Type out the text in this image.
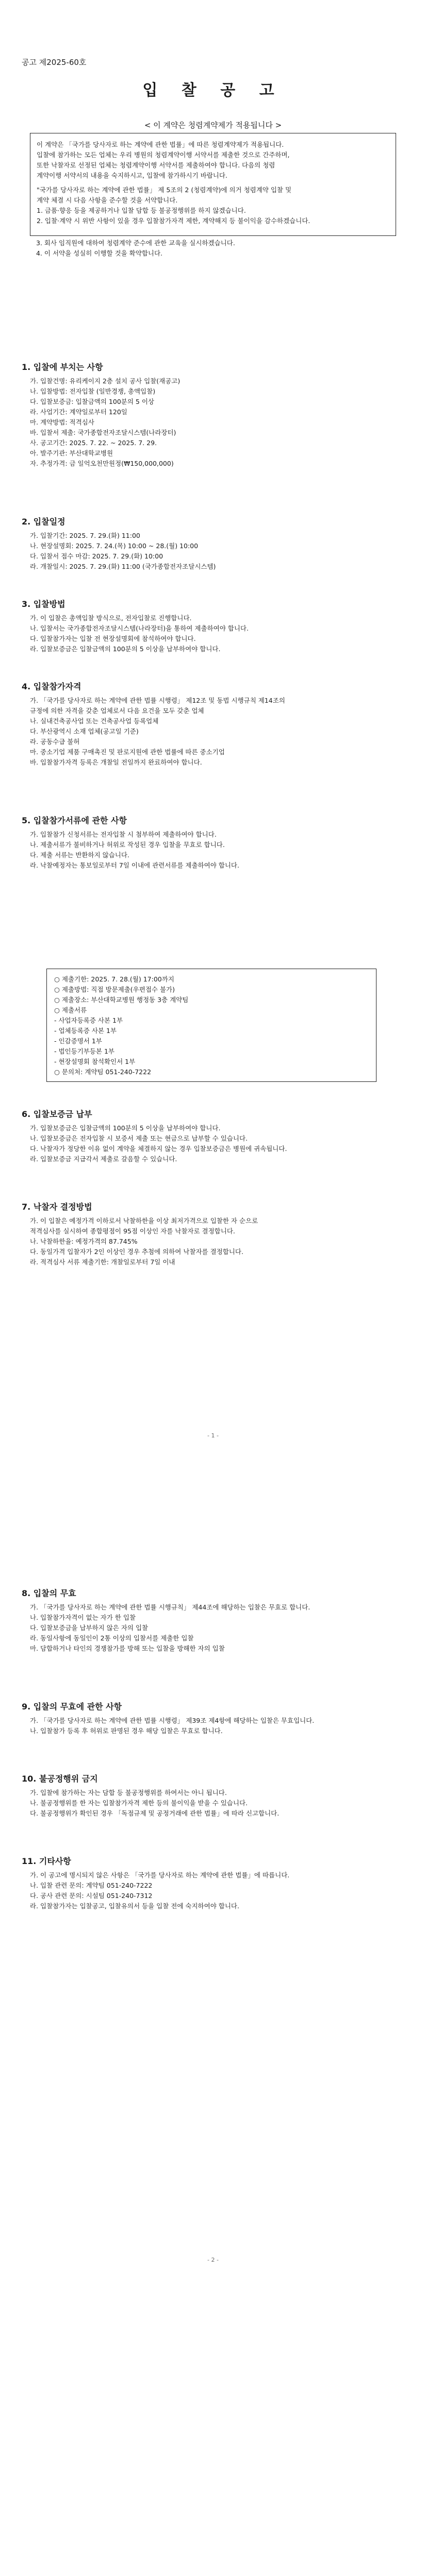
공고 제2025-60호
입 찰 공 고
< 이 계약은 청렴계약제가 적용됩니다 >
이 계약은 「국가를 당사자로 하는 계약에 관한 법률」에 따른 청렴계약제가 적용됩니다.
입찰에 참가하는 모든 업체는 우리 병원의 청렴계약이행 서약서를 제출한 것으로 간주하며,
또한 낙찰자로 선정된 업체는 청렴계약이행 서약서를 제출하여야 합니다. 다음의 청렴
계약이행 서약서의 내용을 숙지하시고, 입찰에 참가하시기 바랍니다.
"국가를 당사자로 하는 계약에 관한 법률」 제 5조의 2 (청렴계약)에 의거 청렴계약 입찰 및
계약 체결 시 다음 사항을 준수할 것을 서약합니다.
1. 금품·향응 등을 제공하거나 입찰 담합 등 불공정행위를 하지 않겠습니다.
2. 입찰·계약 시 위반 사항이 있을 경우 입찰참가자격 제한, 계약해지 등 불이익을 감수하겠습니다.
3. 회사 임직원에 대하여 청렴계약 준수에 관한 교육을 실시하겠습니다.
4. 이 서약을 성실히 이행할 것을 확약합니다.
1. 입찰에 부치는 사항
가. 입찰건명: 유리케이지 2층 설치 공사 입찰(재공고)
나. 입찰방법: 전자입찰 (일반경쟁, 총액입찰)
다. 입찰보증금: 입찰금액의 100분의 5 이상
라. 사업기간: 계약일로부터 120일
마. 계약방법: 적격심사
바. 입찰서 제출: 국가종합전자조달시스템(나라장터)
사. 공고기간: 2025. 7. 22. ~ 2025. 7. 29.
아. 발주기관: 부산대학교병원
자. 추정가격: 금 일억오천만원정(₩150,000,000)
2. 입찰일정
가. 입찰기간: 2025. 7. 29.(화) 11:00
나. 현장설명회: 2025. 7. 24.(목) 10:00 ~ 28.(월) 10:00
다. 입찰서 접수 마감: 2025. 7. 29.(화) 10:00
라. 개찰일시: 2025. 7. 29.(화) 11:00 (국가종합전자조달시스템)
3. 입찰방법
가. 이 입찰은 총액입찰 방식으로, 전자입찰로 진행합니다.
나. 입찰서는 국가종합전자조달시스템(나라장터)을 통하여 제출하여야 합니다.
다. 입찰참가자는 입찰 전 현장설명회에 참석하여야 합니다.
라. 입찰보증금은 입찰금액의 100분의 5 이상을 납부하여야 합니다.
4. 입찰참가자격
가. 「국가를 당사자로 하는 계약에 관한 법률 시행령」 제12조 및 동법 시행규칙 제14조의
규정에 의한 자격을 갖춘 업체로서 다음 요건을 모두 갖춘 업체
나. 실내건축공사업 또는 건축공사업 등록업체
다. 부산광역시 소재 업체(공고일 기준)
라. 공동수급 불허
마. 중소기업 제품 구매촉진 및 판로지원에 관한 법률에 따른 중소기업
바. 입찰참가자격 등록은 개찰일 전일까지 완료하여야 합니다.
5. 입찰참가서류에 관한 사항
가. 입찰참가 신청서류는 전자입찰 시 첨부하여 제출하여야 합니다.
나. 제출서류가 불비하거나 허위로 작성된 경우 입찰을 무효로 합니다.
다. 제출 서류는 반환하지 않습니다.
라. 낙찰예정자는 통보일로부터 7일 이내에 관련서류를 제출하여야 합니다.
○ 제출기한: 2025. 7. 28.(월) 17:00까지
○ 제출방법: 직접 방문제출(우편접수 불가)
○ 제출장소: 부산대학교병원 행정동 3층 계약팀
○ 제출서류
- 사업자등록증 사본 1부
- 업체등록증 사본 1부
- 인감증명서 1부
- 법인등기부등본 1부
- 현장설명회 참석확인서 1부
○ 문의처: 계약팀 051-240-7222
6. 입찰보증금 납부
가. 입찰보증금은 입찰금액의 100분의 5 이상을 납부하여야 합니다.
나. 입찰보증금은 전자입찰 시 보증서 제출 또는 현금으로 납부할 수 있습니다.
다. 낙찰자가 정당한 이유 없이 계약을 체결하지 않는 경우 입찰보증금은 병원에 귀속됩니다.
라. 입찰보증금 지급각서 제출로 갈음할 수 있습니다.
7. 낙찰자 결정방법
가. 이 입찰은 예정가격 이하로서 낙찰하한율 이상 최저가격으로 입찰한 자 순으로
적격심사를 실시하여 종합평점이 95점 이상인 자를 낙찰자로 결정합니다.
나. 낙찰하한율: 예정가격의 87.745%
다. 동일가격 입찰자가 2인 이상인 경우 추첨에 의하여 낙찰자를 결정합니다.
라. 적격심사 서류 제출기한: 개찰일로부터 7일 이내
- 1 -
8. 입찰의 무효
가. 「국가를 당사자로 하는 계약에 관한 법률 시행규칙」 제44조에 해당하는 입찰은 무효로 합니다.
나. 입찰참가자격이 없는 자가 한 입찰
다. 입찰보증금을 납부하지 않은 자의 입찰
라. 동일사항에 동일인이 2통 이상의 입찰서를 제출한 입찰
마. 담합하거나 타인의 경쟁참가를 방해 또는 입찰을 방해한 자의 입찰
9. 입찰의 무효에 관한 사항
가. 「국가를 당사자로 하는 계약에 관한 법률 시행령」 제39조 제4항에 해당하는 입찰은 무효입니다.
나. 입찰참가 등록 후 허위로 판명된 경우 해당 입찰은 무효로 합니다.
10. 불공정행위 금지
가. 입찰에 참가하는 자는 담합 등 불공정행위를 하여서는 아니 됩니다.
나. 불공정행위를 한 자는 입찰참가자격 제한 등의 불이익을 받을 수 있습니다.
다. 불공정행위가 확인된 경우 「독점규제 및 공정거래에 관한 법률」에 따라 신고합니다.
11. 기타사항
가. 이 공고에 명시되지 않은 사항은 「국가를 당사자로 하는 계약에 관한 법률」에 따릅니다.
나. 입찰 관련 문의: 계약팀 051-240-7222
다. 공사 관련 문의: 시설팀 051-240-7312
라. 입찰참가자는 입찰공고, 입찰유의서 등을 입찰 전에 숙지하여야 합니다.
- 2 -
